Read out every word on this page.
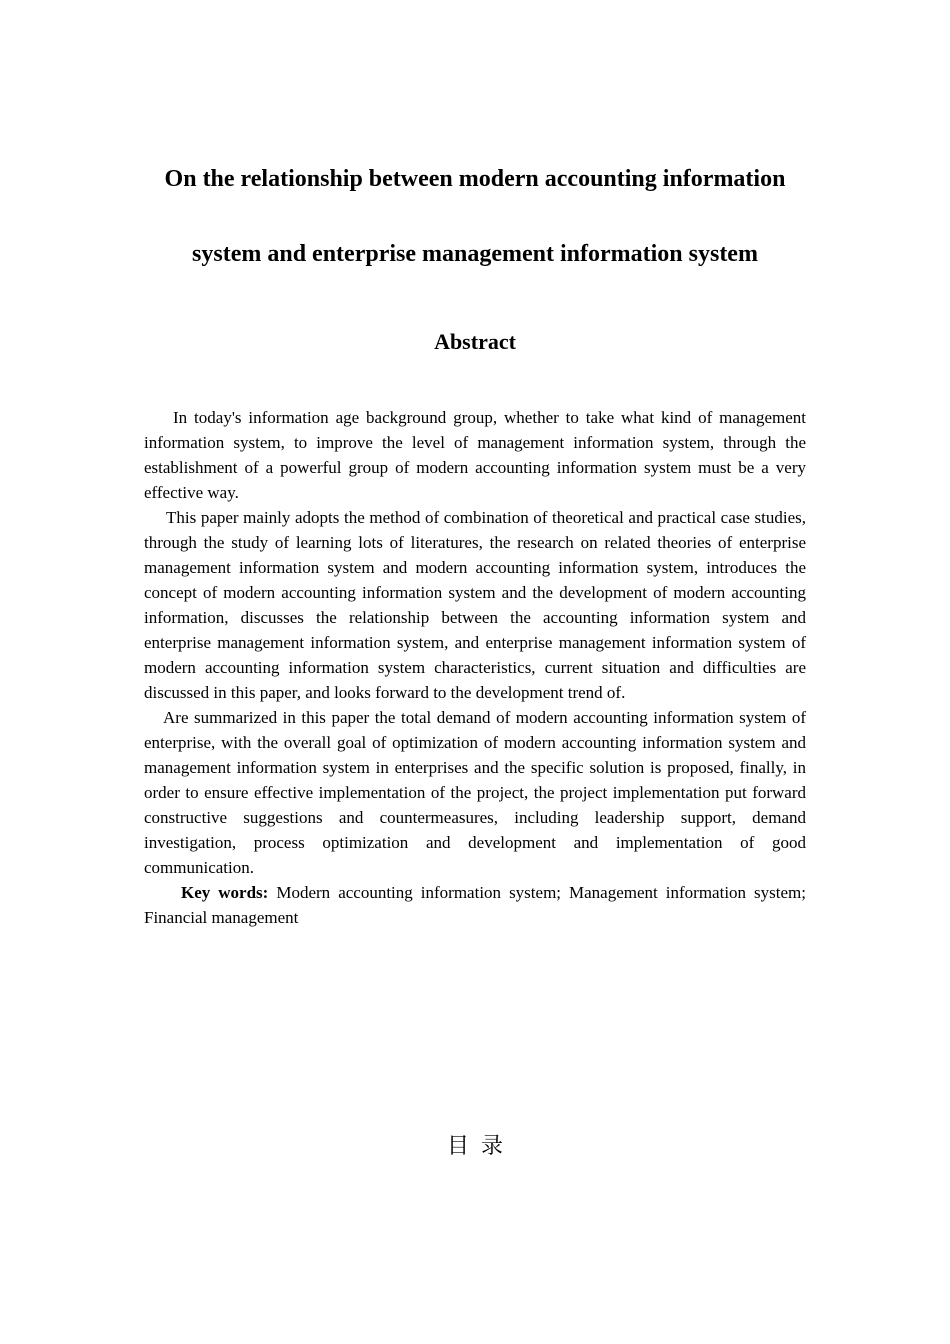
On the relationship between modern accounting information
system and enterprise management information system
Abstract

In today's information age background group, whether to take what kind of management information system, to improve the level of management information system, through the establishment of a powerful group of modern accounting information system must be a very effective way.

This paper mainly adopts the method of combination of theoretical and practical case studies, through the study of learning lots of literatures, the research on related theories of enterprise management information system and modern accounting information system, introduces the concept of modern accounting information system and the development of modern accounting information, discusses the relationship between the accounting information system and enterprise management information system, and enterprise management information system of modern accounting information system characteristics, current situation and difficulties are discussed in this paper, and looks forward to the development trend of.

Are summarized in this paper the total demand of modern accounting information system of enterprise, with the overall goal of optimization of modern accounting information system and management information system in enterprises and the specific solution is proposed, finally, in order to ensure effective implementation of the project, the project implementation put forward constructive suggestions and countermeasures, including leadership support, demand investigation, process optimization and development and implementation of good communication.

Key words: Modern accounting information system; Management information system; Financial management

目录
